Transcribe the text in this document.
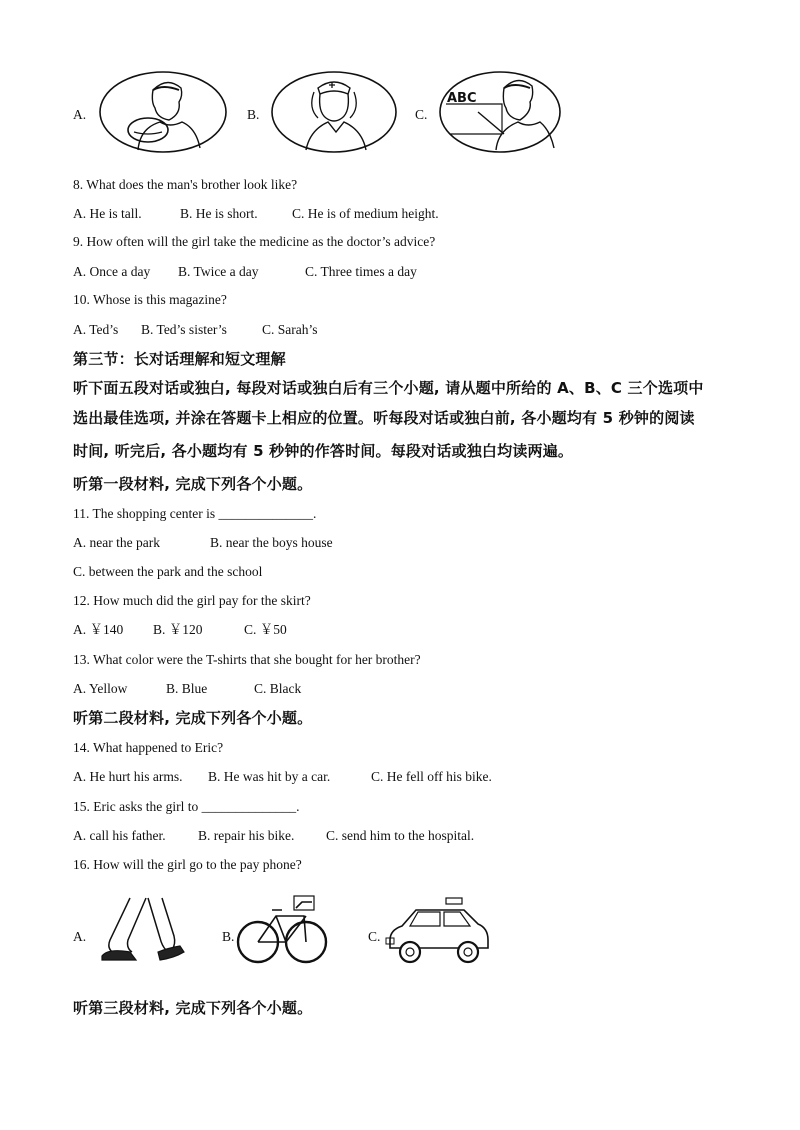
A.	B.	C.
ABC
8. What does the man's brother look like?
A. He is tall.	B. He is short.	C. He is of medium height.
9. How often will the girl take the medicine as the doctor’s advice?
A. Once a day B. Twice a day	C. Three times a day
10. Whose is this magazine?
A. Ted’s B. Ted’s sister’s	C. Sarah’s
第三节：长对话理解和短文理解
听下面五段对话或独白, 每段对话或独白后有三个小题, 请从题中所给的 A、B、C 三个选项中
选出最佳选项, 并涂在答题卡上相应的位置。听每段对话或独白前, 各小题均有 5 秒钟的阅读
时间, 听完后, 各小题均有 5 秒钟的作答时间。每段对话或独白均读两遍。
听第一段材料, 完成下列各个小题。
11. The shopping center is ______________.
A. near the park	B. near the boys house
C. between the park and the school
12. How much did the girl pay for the skirt?
A. ￥140 B. ￥120	C. ￥50
13. What color were the T-shirts that she bought for her brother?
A. Yellow	B. Blue	C. Black
听第二段材料, 完成下列各个小题。
14. What happened to Eric?
A. He hurt his arms. B. He was hit by a car.	C. He fell off his bike.
15. Eric asks the girl to ______________.
A. call his father. B. repair his bike. C. send him to the hospital.
16. How will the girl go to the pay phone?
A.	B.	C.
听第三段材料, 完成下列各个小题。
